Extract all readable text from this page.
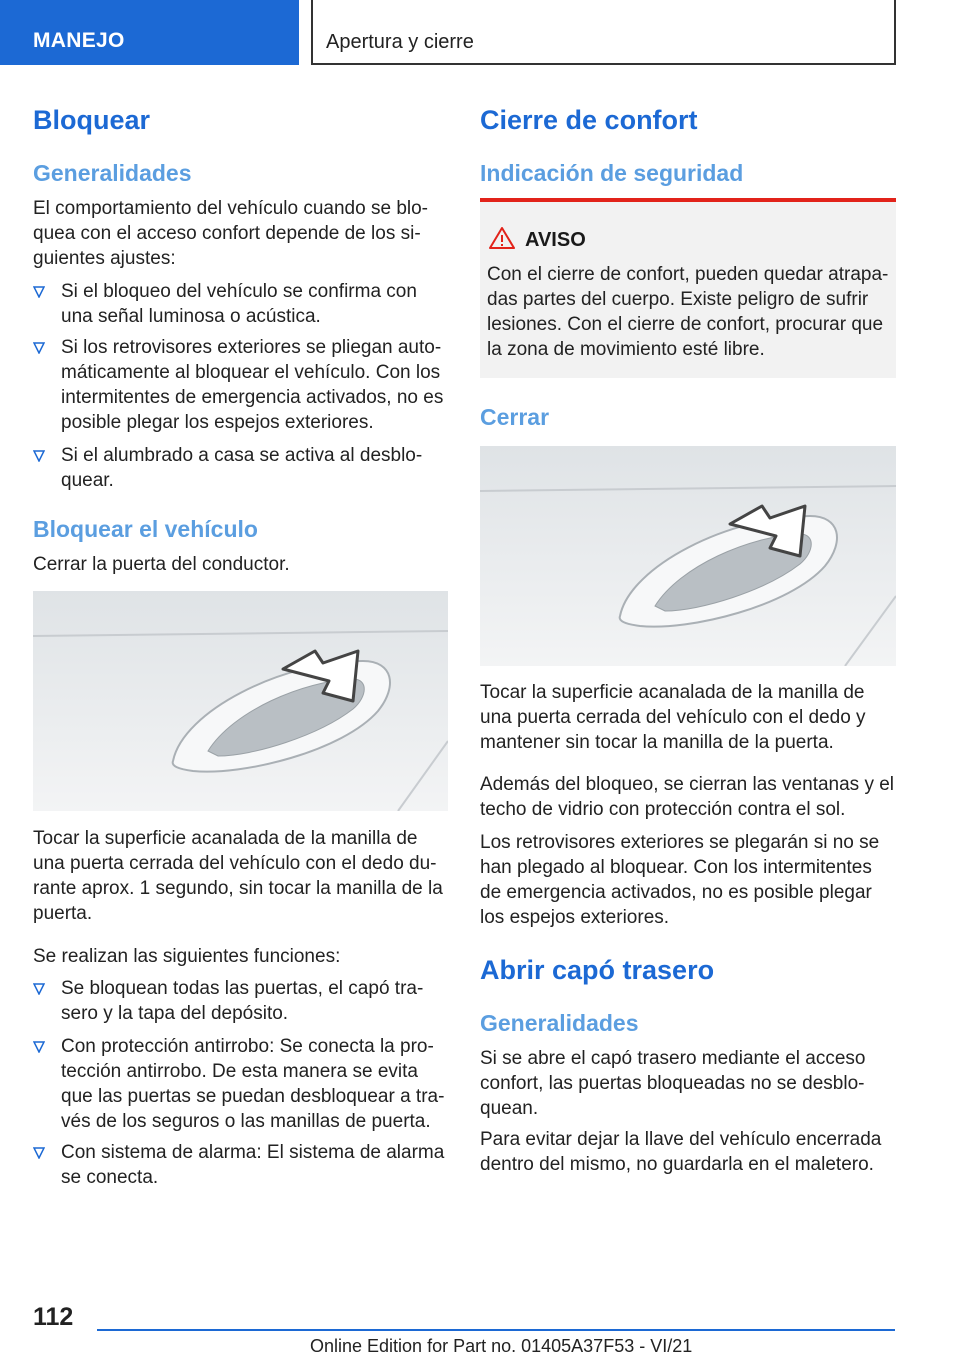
MANEJO	Apertura y cierre
Bloquear
Generalidades

El comportamiento del vehículo cuando se blo-quea con el acceso confort depende de los si-guientes ajustes:

Si el bloqueo del vehículo se confirma con una señal luminosa o acústica.
Si los retrovisores exteriores se pliegan auto-máticamente al bloquear el vehículo. Con los intermitentes de emergencia activados, no es posible plegar los espejos exteriores.
Si el alumbrado a casa se activa al desblo-quear.
Bloquear el vehículo

Cerrar la puerta del conductor.

Tocar la superficie acanalada de la manilla de una puerta cerrada del vehículo con el dedo du-rante aprox. 1 segundo, sin tocar la manilla de la puerta.

Se realizan las siguientes funciones:

Se bloquean todas las puertas, el capó tra-sero y la tapa del depósito.
Con protección antirrobo: Se conecta la pro-tección antirrobo. De esta manera se evita que las puertas se puedan desbloquear a tra-vés de los seguros o las manillas de puerta.
Con sistema de alarma: El sistema de alarma se conecta.
Cierre de confort
Indicación de seguridad
AVISO

Con el cierre de confort, pueden quedar atrapa-das partes del cuerpo. Existe peligro de sufrir lesiones. Con el cierre de confort, procurar que la zona de movimiento esté libre.

Cerrar

Tocar la superficie acanalada de la manilla de una puerta cerrada del vehículo con el dedo y mantener sin tocar la manilla de la puerta.

Además del bloqueo, se cierran las ventanas y el techo de vidrio con protección contra el sol.

Los retrovisores exteriores se plegarán si no se han plegado al bloquear. Con los intermitentes de emergencia activados, no es posible plegar los espejos exteriores.

Abrir capó trasero
Generalidades

Si se abre el capó trasero mediante el acceso confort, las puertas bloqueadas no se desblo-quean.

Para evitar dejar la llave del vehículo encerrada dentro del mismo, no guardarla en el maletero.

112
Online Edition for Part no. 01405A37F53 - VI/21
